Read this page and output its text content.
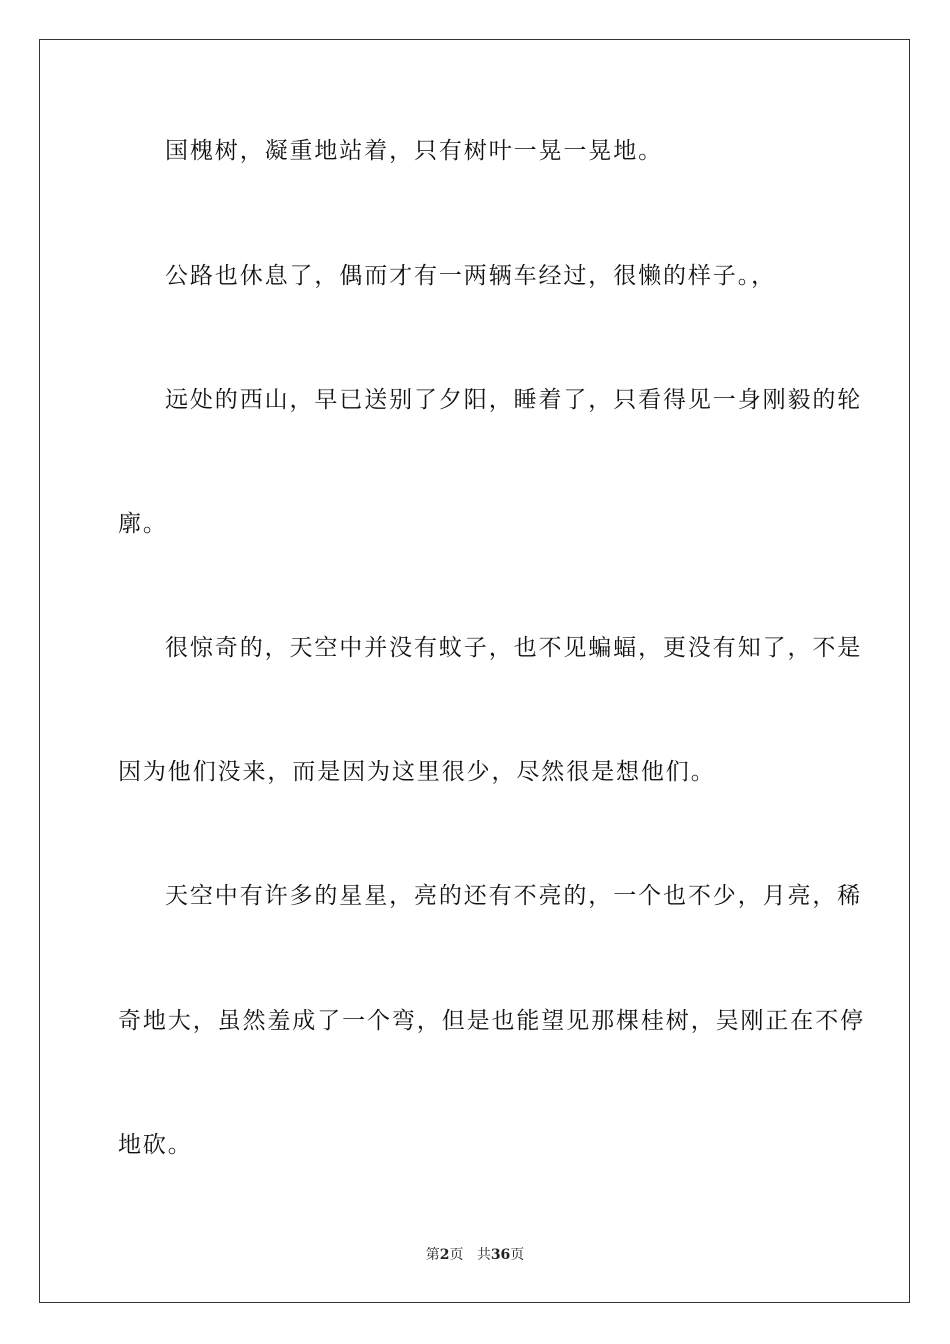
国槐树，凝重地站着，只有树叶一晃一晃地。
公路也休息了，偶而才有一两辆车经过，很懒的样子。，
远处的西山，早已送别了夕阳，睡着了，只看得见一身刚毅的轮
廓。
很惊奇的，天空中并没有蚊子，也不见蝙蝠，更没有知了，不是
因为他们没来，而是因为这里很少，尽然很是想他们。
天空中有许多的星星，亮的还有不亮的，一个也不少，月亮，稀
奇地大，虽然羞成了一个弯，但是也能望见那棵桂树，吴刚正在不停
地砍。
第2页 共36页
